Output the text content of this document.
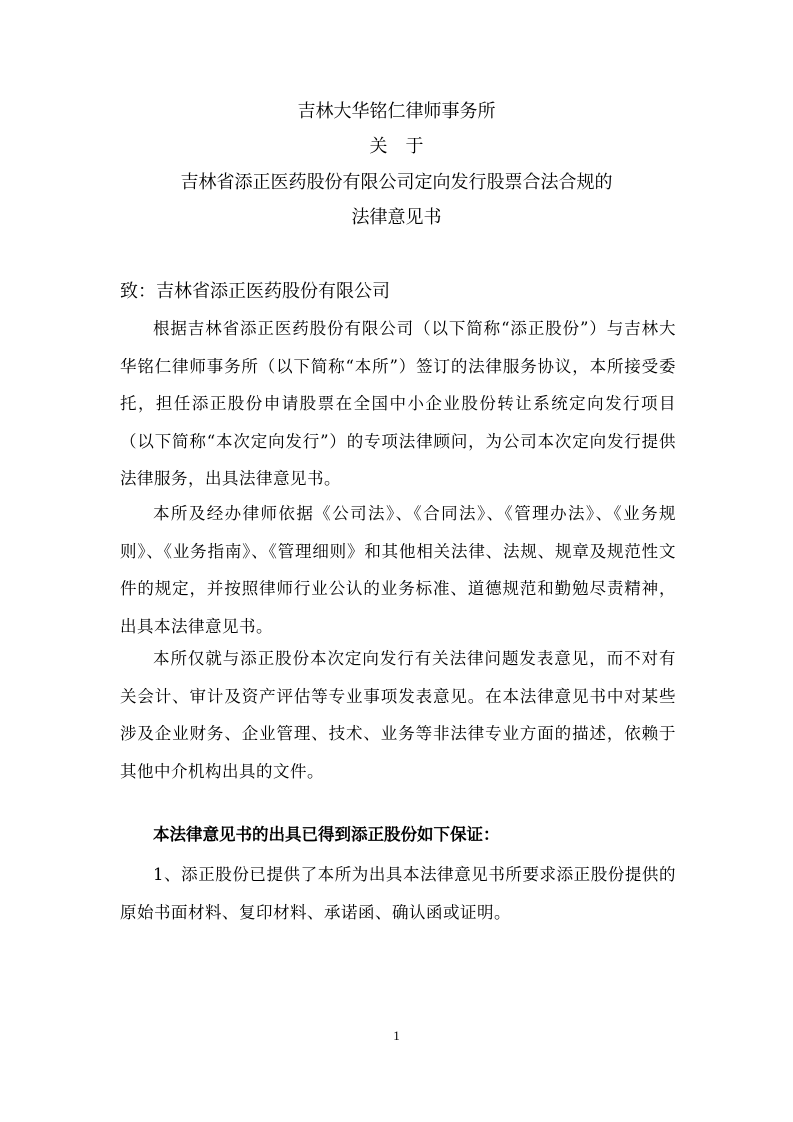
吉林大华铭仁律师事务所
关　于
吉林省添正医药股份有限公司定向发行股票合法合规的
法律意见书
致：吉林省添正医药股份有限公司
根据吉林省添正医药股份有限公司（以下简称“添正股份”）与吉林大华铭仁律师事务所（以下简称“本所”）签订的法律服务协议，本所接受委托，担任添正股份申请股票在全国中小企业股份转让系统定向发行项目（以下简称“本次定向发行”）的专项法律顾问，为公司本次定向发行提供法律服务，出具法律意见书。
本所及经办律师依据《公司法》、《合同法》、《管理办法》、《业务规则》、《业务指南》、《管理细则》和其他相关法律、法规、规章及规范性文件的规定，并按照律师行业公认的业务标准、道德规范和勤勉尽责精神，出具本法律意见书。
本所仅就与添正股份本次定向发行有关法律问题发表意见，而不对有关会计、审计及资产评估等专业事项发表意见。在本法律意见书中对某些涉及企业财务、企业管理、技术、业务等非法律专业方面的描述，依赖于其他中介机构出具的文件。
本法律意见书的出具已得到添正股份如下保证：
1、添正股份已提供了本所为出具本法律意见书所要求添正股份提供的原始书面材料、复印材料、承诺函、确认函或证明。
1
